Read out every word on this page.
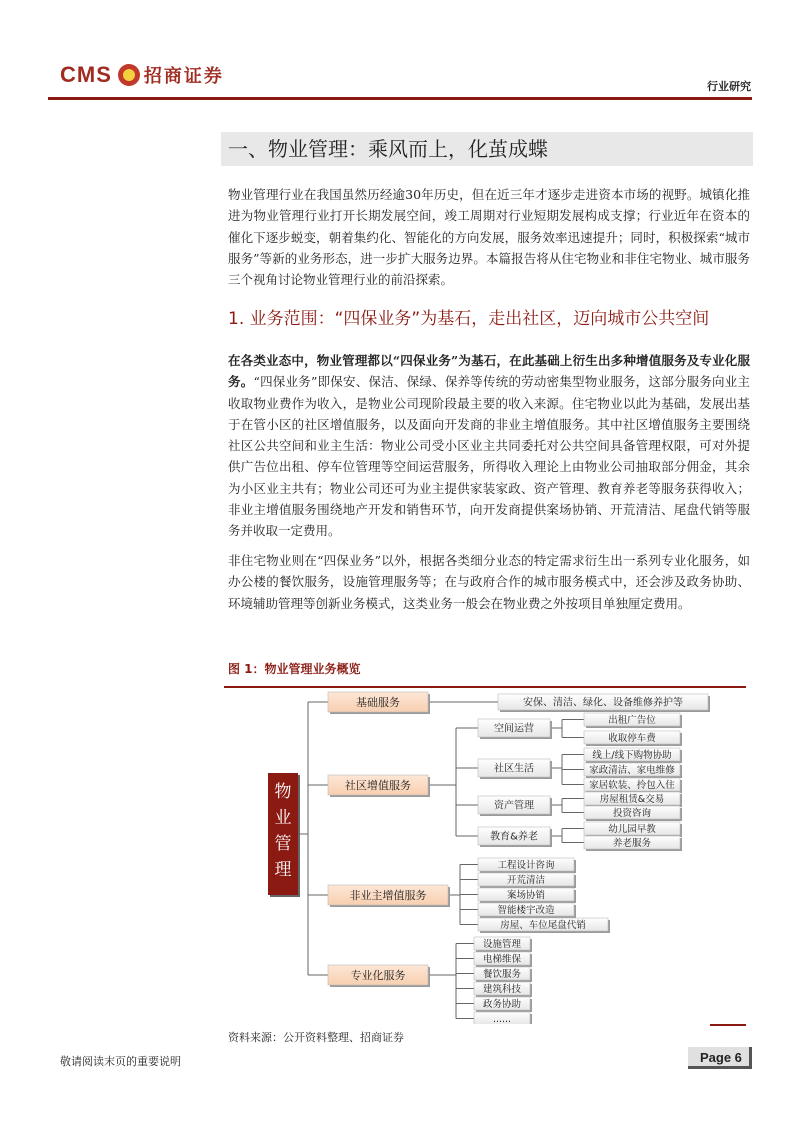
CMS 招商证券	行业研究
一、物业管理：乘风而上，化茧成蝶
物业管理行业在我国虽然历经逾30年历史，但在近三年才逐步走进资本市场的视野。城镇化推进为物业管理行业打开长期发展空间，竣工周期对行业短期发展构成支撑；行业近年在资本的催化下逐步蜕变，朝着集约化、智能化的方向发展，服务效率迅速提升；同时，积极探索“城市服务”等新的业务形态，进一步扩大服务边界。本篇报告将从住宅物业和非住宅物业、城市服务三个视角讨论物业管理行业的前沿探索。
1. 业务范围：“四保业务”为基石，走出社区，迈向城市公共空间
在各类业态中，物业管理都以“四保业务”为基石，在此基础上衍生出多种增值服务及专业化服务。“四保业务”即保安、保洁、保绿、保养等传统的劳动密集型物业服务，这部分服务向业主收取物业费作为收入，是物业公司现阶段最主要的收入来源。住宅物业以此为基础，发展出基于在管小区的社区增值服务，以及面向开发商的非业主增值服务。其中社区增值服务主要围绕社区公共空间和业主生活：物业公司受小区业主共同委托对公共空间具备管理权限，可对外提供广告位出租、停车位管理等空间运营服务，所得收入理论上由物业公司抽取部分佣金，其余为小区业主共有；物业公司还可为业主提供家装家政、资产管理、教育养老等服务获得收入；非业主增值服务围绕地产开发和销售环节，向开发商提供案场协销、开荒清洁、尾盘代销等服务并收取一定费用。
非住宅物业则在“四保业务”以外，根据各类细分业态的特定需求衍生出一系列专业化服务，如办公楼的餐饮服务，设施管理服务等；在与政府合作的城市服务模式中，还会涉及政务协助、环境辅助管理等创新业务模式，这类业务一般会在物业费之外按项目单独厘定费用。
图 1：物业管理业务概览
物
业
管
理
基础服务
社区增值服务
非业主增值服务
专业化服务
安保、清洁、绿化、设备维修养护等
空间运营
出租广告位
收取停车费
社区生活
线上/线下购物协助
家政清洁、家电维修
家居软装、拎包入住
资产管理
房屋租赁&交易
投资咨询
教育&养老
幼儿园早教
养老服务
工程设计咨询
开荒清洁
案场协销
智能楼宇改造
房屋、车位尾盘代销
设施管理
电梯维保
餐饮服务
建筑科技
政务协助
......
资料来源：公开资料整理、招商证券
敬请阅读末页的重要说明	Page 6
